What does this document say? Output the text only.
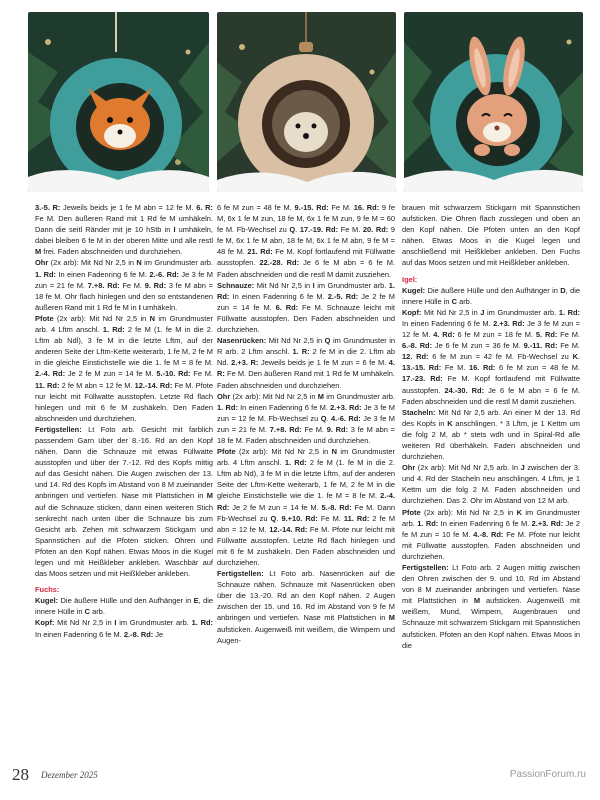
3.-5. R: Jeweils beids je 1 fe M abn = 12 fe M. 6. R: Fe M. Den äußeren Rand mit 1 Rd fe M umhäkeln. Dann die seitl Ränder mit je 10 hStb in I umhäkeln, dabei bleiben 6 fe M in der oberen Mitte und alle restl M frei. Faden abschneiden und durchziehen.

Ohr (2x arb): Mit Nd Nr 2,5 in N im Grundmuster arb. 1. Rd: In einen Fadenring 6 fe M. 2.-6. Rd: Je 3 fe M zun = 21 fe M. 7.+8. Rd: Fe M. 9. Rd: 3 fe M abn = 18 fe M. Ohr flach hinlegen und den so entstandenen äußeren Rand mit 1 Rd fe M in I umhäkeln.

Pfote (2x arb): Mit Nd Nr 2,5 in N im Grundmuster arb. 4 Lftm anschl. 1. Rd: 2 fe M (1. fe M in die 2. Lftm ab Ndl), 3 fe M in die letzte Lftm, auf der anderen Seite der Lftm-Kette weiterarb, 1 fe M, 2 fe M in die gleiche Einstichstelle wie die 1. fe M = 8 fe M. 2.-4. Rd: Je 2 fe M zun = 14 fe M. 5.-10. Rd: Fe M. 11. Rd: 2 fe M abn = 12 fe M. 12.-14. Rd: Fe M. Pfote nur leicht mit Füllwatte ausstopfen. Letzte Rd flach hinlegen und mit 6 fe M zushäkeln. Den Faden abschneiden und durchziehen.

Fertigstellen: Lt Foto arb. Gesicht mit farblich passendem Garn über der 8.-16. Rd an den Kopf nähen. Dann die Schnauze mit etwas Füllwatte ausstopfen und über der 7.-12. Rd des Kopfs mittig auf das Gesicht nähen. Die Augen zwischen der 13. und 14. Rd des Kopfs im Abstand von 8 M zueinander anbringen und vertiefen. Nase mit Plattstichen in M auf die Schnauze sticken, dann einen weiteren Stich senkrecht nach unten über die Schnauze bis zum Gesicht arb. Zehen mit schwarzem Stickgarn und Spannstichen auf die Pfoten sticken. Ohren und Pfoten an den Kopf nähen. Etwas Moos in die Kugel legen und mit Heißkleber ankleben. Waschbär auf das Moos setzen und mit Heißkleber ankleben.

Fuchs:

Kugel: Die äußere Hülle und den Aufhänger in E, die innere Hülle in C arb.

Kopf: Mit Nd Nr 2,5 in I im Grundmuster arb. 1. Rd: In einen Fadenring 6 fe M. 2.-8. Rd: Je

6 fe M zun = 48 fe M. 9.-15. Rd: Fe M. 16. Rd: 9 fe M, 6x 1 fe M zun, 18 fe M, 6x 1 fe M zun, 9 fe M = 60 fe M. Fb-Wechsel zu Q. 17.-19. Rd: Fe M. 20. Rd: 9 fe M, 6x 1 fe M abn, 18 fe M, 6x 1 fe M abn, 9 fe M = 48 fe M. 21. Rd: Fe M. Kopf fortlaufend mit Füllwatte ausstopfen. 22.-28. Rd: Je 6 fe M abn = 6 fe M. Faden abschneiden und die restl M damit zusziehen.

Schnauze: Mit Nd Nr 2,5 in I im Grundmuster arb. 1. Rd: In einen Fadenring 6 fe M. 2.-5. Rd: Je 2 fe M zun = 14 fe M. 6. Rd: Fe M. Schnauze leicht mit Füllwatte ausstopfen. Den Faden abschneiden und durchziehen.

Nasenrücken: Mit Nd Nr 2,5 in Q im Grundmuster in R arb. 2 Lftm anschl. 1. R: 2 fe M in die 2. Lftm ab Nd. 2.+3. R: Jeweils beids je 1 fe M zun = 6 fe M. 4. R: Fe M. Den äußeren Rand mit 1 Rd fe M umhäkeln. Faden abschneiden und durchziehen.

Ohr (2x arb): Mit Nd Nr 2,5 in M im Grundmuster arb. 1. Rd: In einen Fadenring 6 fe M. 2.+3. Rd: Je 3 fe M zun = 12 fe M. Fb-Wechsel zu Q. 4.-6. Rd: Je 3 fe M zun = 21 fe M. 7.+8. Rd: Fe M. 9. Rd: 3 fe M abn = 18 fe M. Faden abschneiden und durchziehen.

Pfote (2x arb): Mit Nd Nr 2,5 in N im Grundmuster arb. 4 Lftm anschl. 1. Rd: 2 fe M (1. fe M in die 2. Lftm ab Nd), 3 fe M in die letzte Lftm, auf der anderen Seite der Lftm-Kette weiterarb, 1 fe M, 2 fe M in die gleiche Einstichstelle wie die 1. fe M = 8 fe M. 2.-4. Rd: Je 2 fe M zun = 14 fe M. 5.-8. Rd: Fe M. Dann Fb-Wechsel zu Q. 9.+10. Rd: Fe M. 11. Rd: 2 fe M abn = 12 fe M. 12.-14. Rd: Fe M. Pfote nur leicht mit Füllwatte ausstopfen. Letzte Rd flach hinlegen und mit 6 fe M zushäkeln. Den Faden abschneiden und durchziehen.

Fertigstellen: Lt Foto arb. Nasenrücken auf die Schnauze nähen. Schnauze mit Nasenrücken oben über die 13.-20. Rd an den Kopf nähen. 2 Augen zwischen der 15. und 16. Rd im Abstand von 9 fe M anbringen und vertiefen. Nase mit Plattstichen in M aufsticken. Augenweiß mit weißem, die Wimpern und Augen-

brauen mit schwarzem Stickgarn mit Spannstichen aufsticken. Die Ohren flach zusslegen und oben an den Kopf nähen. Die Pfoten unten an den Kopf nähen. Etwas Moos in die Kugel legen und anschließend mit Heißkleber ankleben. Den Fuchs auf das Moos setzen und mit Heißkleber ankleben.

Igel:

Kugel: Die äußere Hülle und den Aufhänger in D, die innere Hülle in C arb.

Kopf: Mit Nd Nr 2,5 in J im Grundmuster arb. 1. Rd: In einen Fadenring 6 fe M. 2.+3. Rd: Je 3 fe M zun = 12 fe M. 4. Rd: 6 fe M zun = 18 fe M. 5. Rd: Fe M. 6.-8. Rd: Je 6 fe M zun = 36 fe M. 9.-11. Rd: Fe M. 12. Rd: 6 fe M zun = 42 fe M. Fb-Wechsel zu K. 13.-15. Rd: Fe M. 16. Rd: 6 fe M zun = 48 fe M. 17.-23. Rd: Fe M. Kopf fortlaufend mit Füllwatte ausstopfen. 24.-30. Rd: Je 6 fe M abn = 6 fe M. Faden abschneiden und die restl M damit zusziehen.

Stacheln: Mit Nd Nr 2,5 arb. An einer M der 13. Rd des Kopfs in K anschlingen. * 3 Lftm, je 1 Kettm um die folg 2 M, ab * stets wdh und in Spiral-Rd alle weiteren Rd überhäkeln. Faden abschneiden und durchziehen.

Ohr (2x arb): Mit Nd Nr 2,5 arb. In J zwischen der 3. und 4. Rd der Stacheln neu anschlingen. 4 Lftm, je 1 Kettm um die folg 2 M. Faden abschneiden und durchziehen. Das 2. Ohr im Abstand von 12 M arb.

Pfote (2x arb): Mit Nd Nr 2,5 in K im Grundmuster arb. 1. Rd: In einen Fadenring 6 fe M. 2.+3. Rd: Je 2 fe M zun = 10 fe M. 4.-8. Rd: Fe M. Pfote nur leicht mit Füllwatte ausstopfen. Faden abschneiden und durchziehen.

Fertigstellen: Lt Foto arb. 2 Augen mittig zwischen den Ohren zwischen der 9. und 10. Rd im Abstand von 8 M zueinander anbringen und vertiefen. Nase mit Plattstichen in M aufsticken. Augenweiß mit weißem, Mund, Wimpern, Augenbrauen und Schnauze mit schwarzem Stickgarn mit Spannstichen aufsticken. Pfoten an den Kopf nähen. Etwas Moos in die

28 Dezember 2025	PassionForum.ru
